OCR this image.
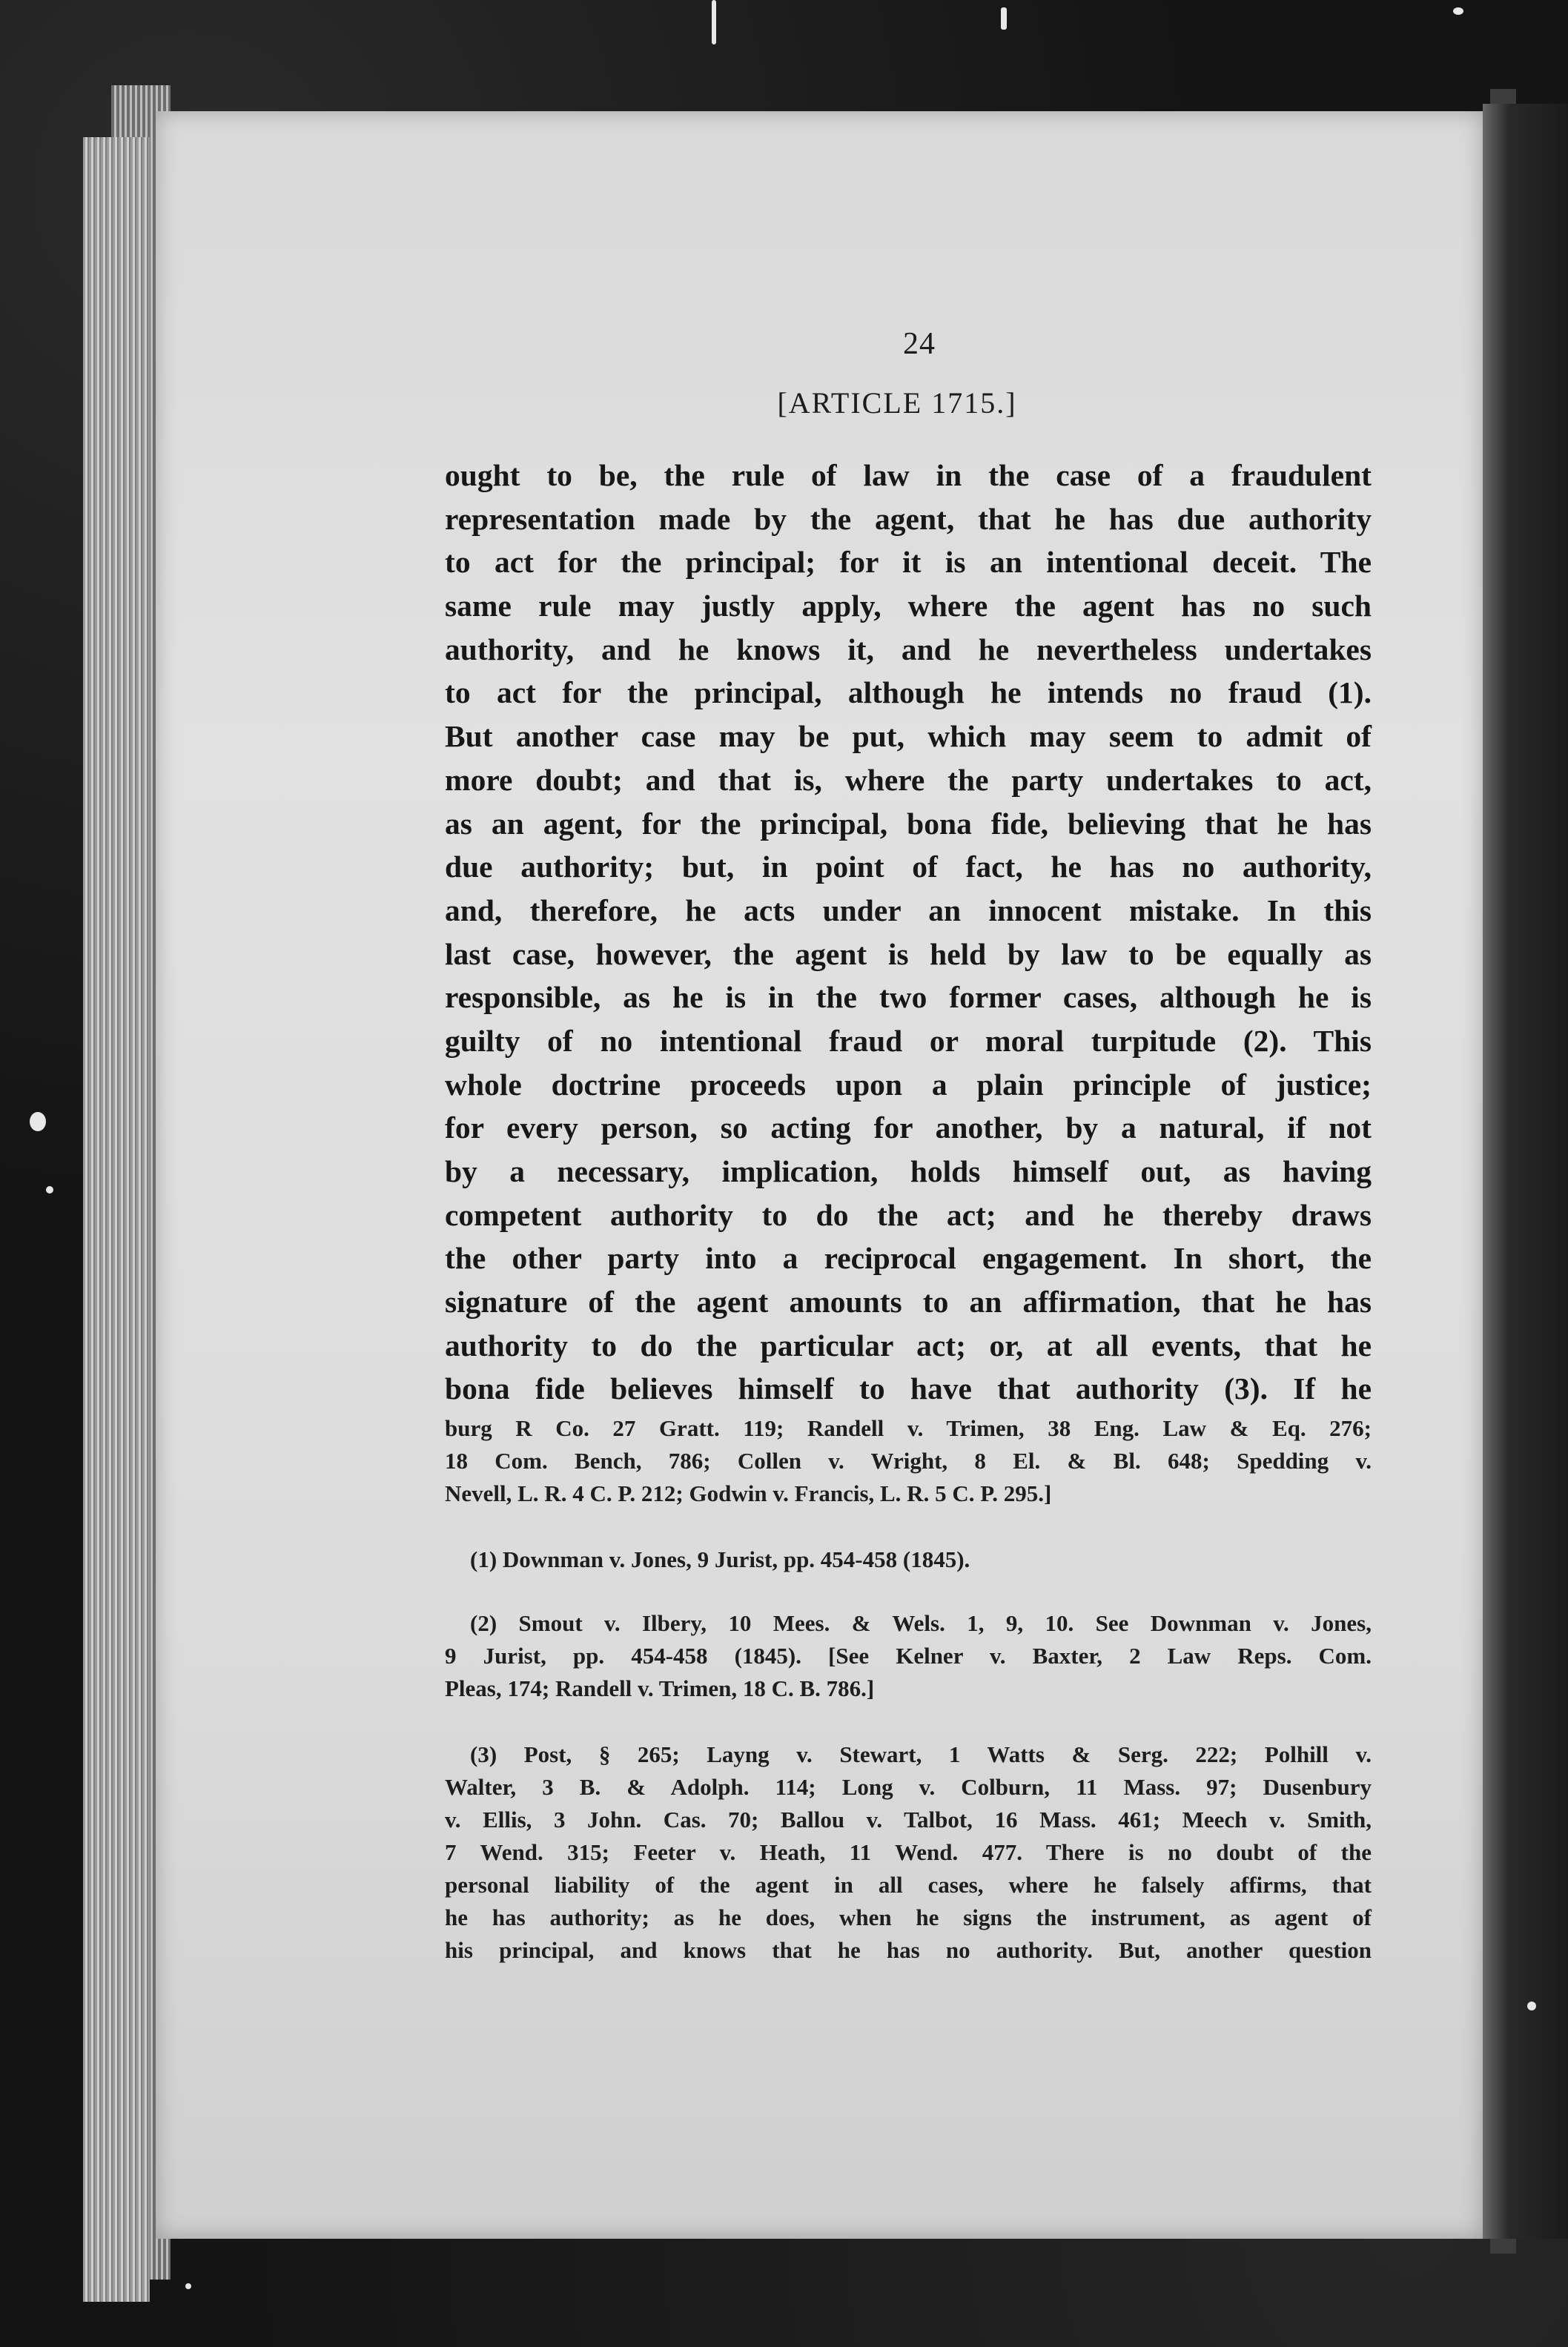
24
[ARTICLE 1715.]
ought to be, the rule of law in the case of a fraudulent
representation made by the agent, that he has due authority
to act for the principal; for it is an intentional deceit. The
same rule may justly apply, where the agent has no such
authority, and he knows it, and he nevertheless undertakes
to act for the principal, although he intends no fraud (1).
But another case may be put, which may seem to admit of
more doubt; and that is, where the party undertakes to act,
as an agent, for the principal, bona fide, believing that he has
due authority; but, in point of fact, he has no authority,
and, therefore, he acts under an innocent mistake. In this
last case, however, the agent is held by law to be equally as
responsible, as he is in the two former cases, although he is
guilty of no intentional fraud or moral turpitude (2). This
whole doctrine proceeds upon a plain principle of justice;
for every person, so acting for another, by a natural, if not
by a necessary, implication, holds himself out, as having
competent authority to do the act; and he thereby draws
the other party into a reciprocal engagement. In short, the
signature of the agent amounts to an affirmation, that he has
authority to do the particular act; or, at all events, that he
bona fide believes himself to have that authority (3). If he
burg R Co. 27 Gratt. 119; Randell v. Trimen, 38 Eng. Law & Eq. 276;
18 Com. Bench, 786; Collen v. Wright, 8 El. & Bl. 648; Spedding v.
Nevell, L. R. 4 C. P. 212; Godwin v. Francis, L. R. 5 C. P. 295.]
(1) Downman v. Jones, 9 Jurist, pp. 454-458 (1845).
(2) Smout v. Ilbery, 10 Mees. & Wels. 1, 9, 10. See Downman v. Jones,
9 Jurist, pp. 454-458 (1845). [See Kelner v. Baxter, 2 Law Reps. Com.
Pleas, 174; Randell v. Trimen, 18 C. B. 786.]
(3) Post, § 265; Layng v. Stewart, 1 Watts & Serg. 222; Polhill v.
Walter, 3 B. & Adolph. 114; Long v. Colburn, 11 Mass. 97; Dusenbury
v. Ellis, 3 John. Cas. 70; Ballou v. Talbot, 16 Mass. 461; Meech v. Smith,
7 Wend. 315; Feeter v. Heath, 11 Wend. 477. There is no doubt of the
personal liability of the agent in all cases, where he falsely affirms, that
he has authority; as he does, when he signs the instrument, as agent of
his principal, and knows that he has no authority. But, another question
